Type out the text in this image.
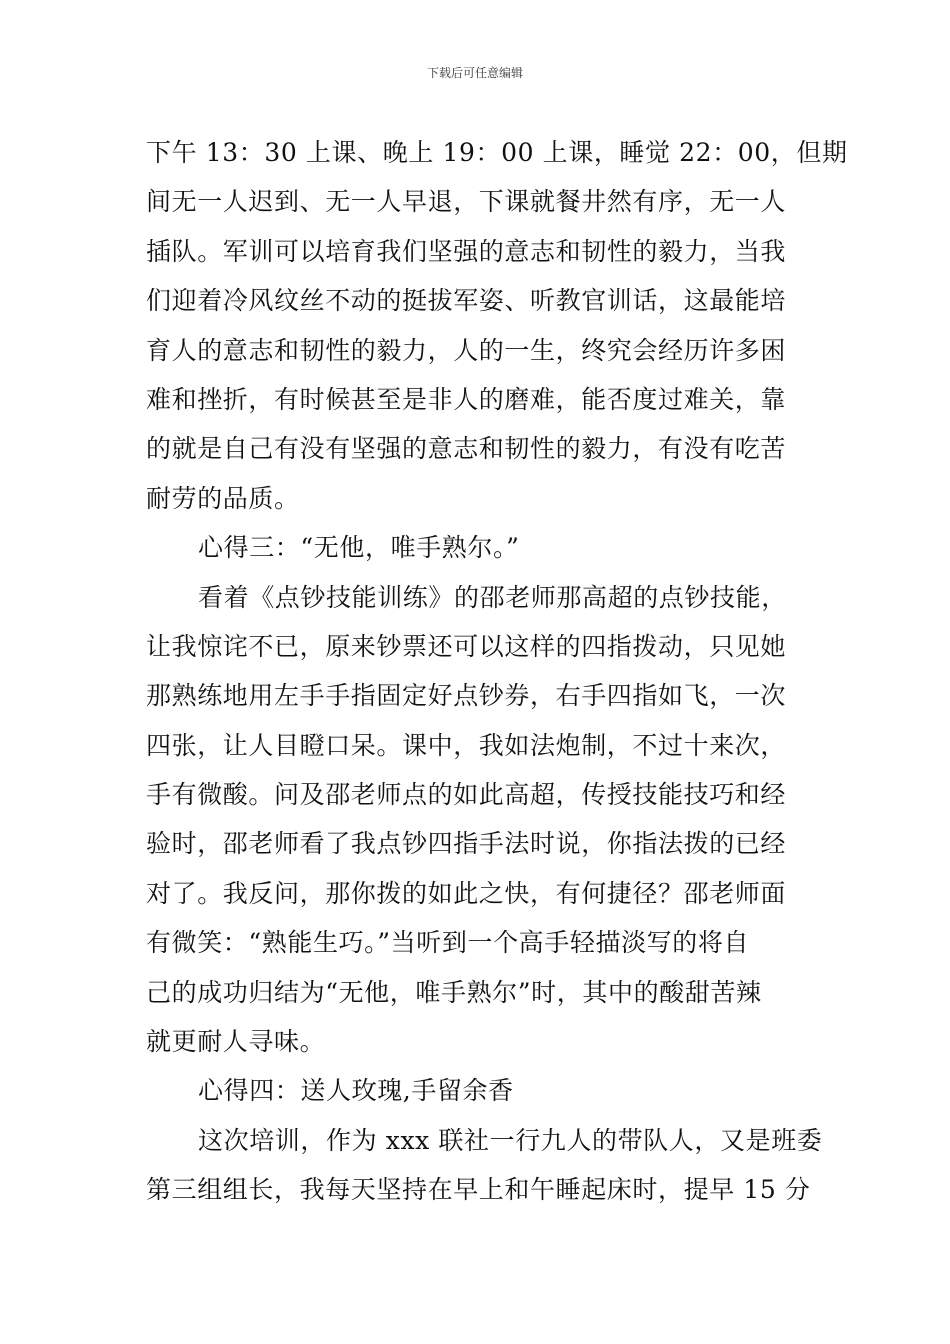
下载后可任意编辑
下午 13：30 上课、晚上 19：00 上课，睡觉 22：00，但期
间无一人迟到、无一人早退，下课就餐井然有序，无一人
插队。军训可以培育我们坚强的意志和韧性的毅力，当我
们迎着冷风纹丝不动的挺拔军姿、听教官训话，这最能培
育人的意志和韧性的毅力，人的一生，终究会经历许多困
难和挫折，有时候甚至是非人的磨难，能否度过难关，靠
的就是自己有没有坚强的意志和韧性的毅力，有没有吃苦
耐劳的品质。
心得三：“无他，唯手熟尔。”
看着《点钞技能训练》的邵老师那高超的点钞技能，
让我惊诧不已，原来钞票还可以这样的四指拨动，只见她
那熟练地用左手手指固定好点钞券，右手四指如飞，一次
四张，让人目瞪口呆。课中，我如法炮制，不过十来次，
手有微酸。问及邵老师点的如此高超，传授技能技巧和经
验时，邵老师看了我点钞四指手法时说，你指法拨的已经
对了。我反问，那你拨的如此之快，有何捷径？邵老师面
有微笑：“熟能生巧。”当听到一个高手轻描淡写的将自
己的成功归结为“无他，唯手熟尔”时，其中的酸甜苦辣
就更耐人寻味。
心得四：送人玫瑰,手留余香
这次培训，作为 xxx 联社一行九人的带队人，又是班委
第三组组长，我每天坚持在早上和午睡起床时，提早 15 分
